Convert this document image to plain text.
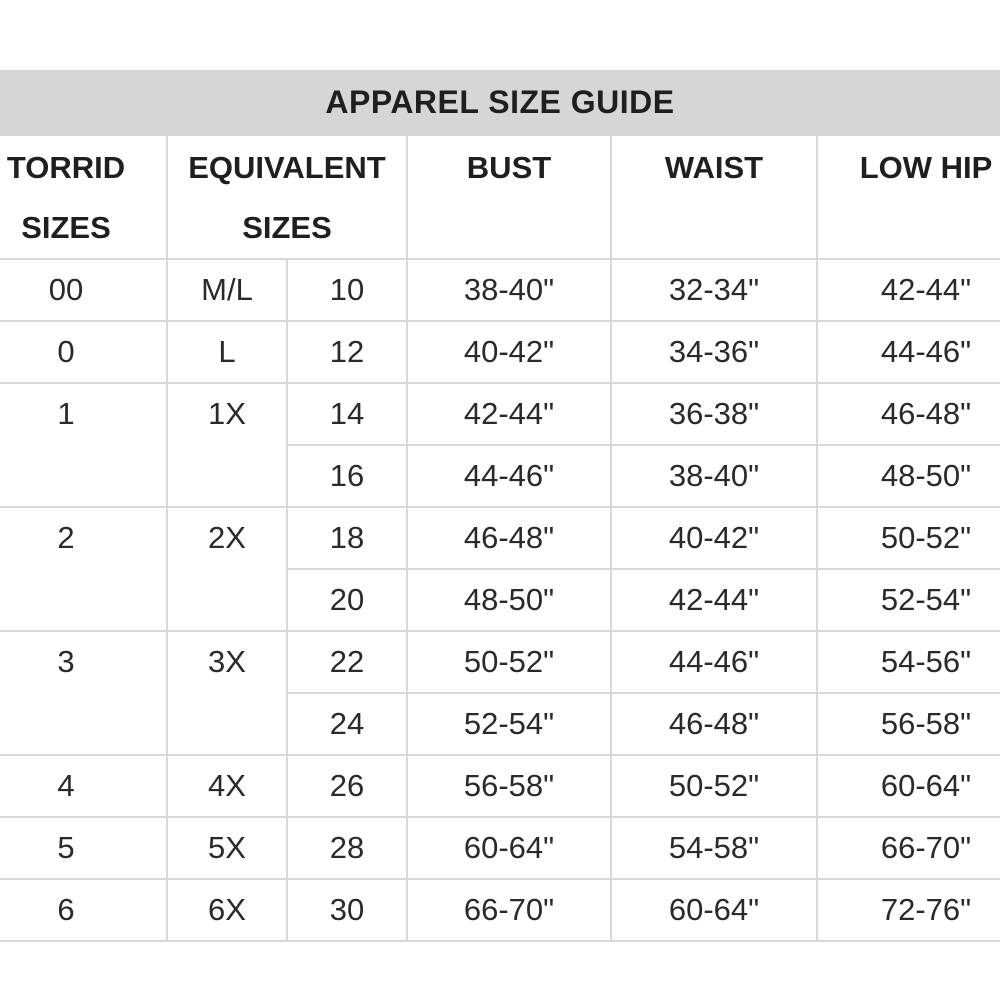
APPAREL SIZE GUIDE
TORRID SIZES	EQUIVALENT SIZES		BUST	WAIST	LOW HIP
00	M/L	10	38-40"	32-34"	42-44"
0	L	12	40-42"	34-36"	44-46"
1	1X	14	42-44"	36-38"	46-48"
		16	44-46"	38-40"	48-50"
2	2X	18	46-48"	40-42"	50-52"
		20	48-50"	42-44"	52-54"
3	3X	22	50-52"	44-46"	54-56"
		24	52-54"	46-48"	56-58"
4	4X	26	56-58"	50-52"	60-64"
5	5X	28	60-64"	54-58"	66-70"
6	6X	30	66-70"	60-64"	72-76"
